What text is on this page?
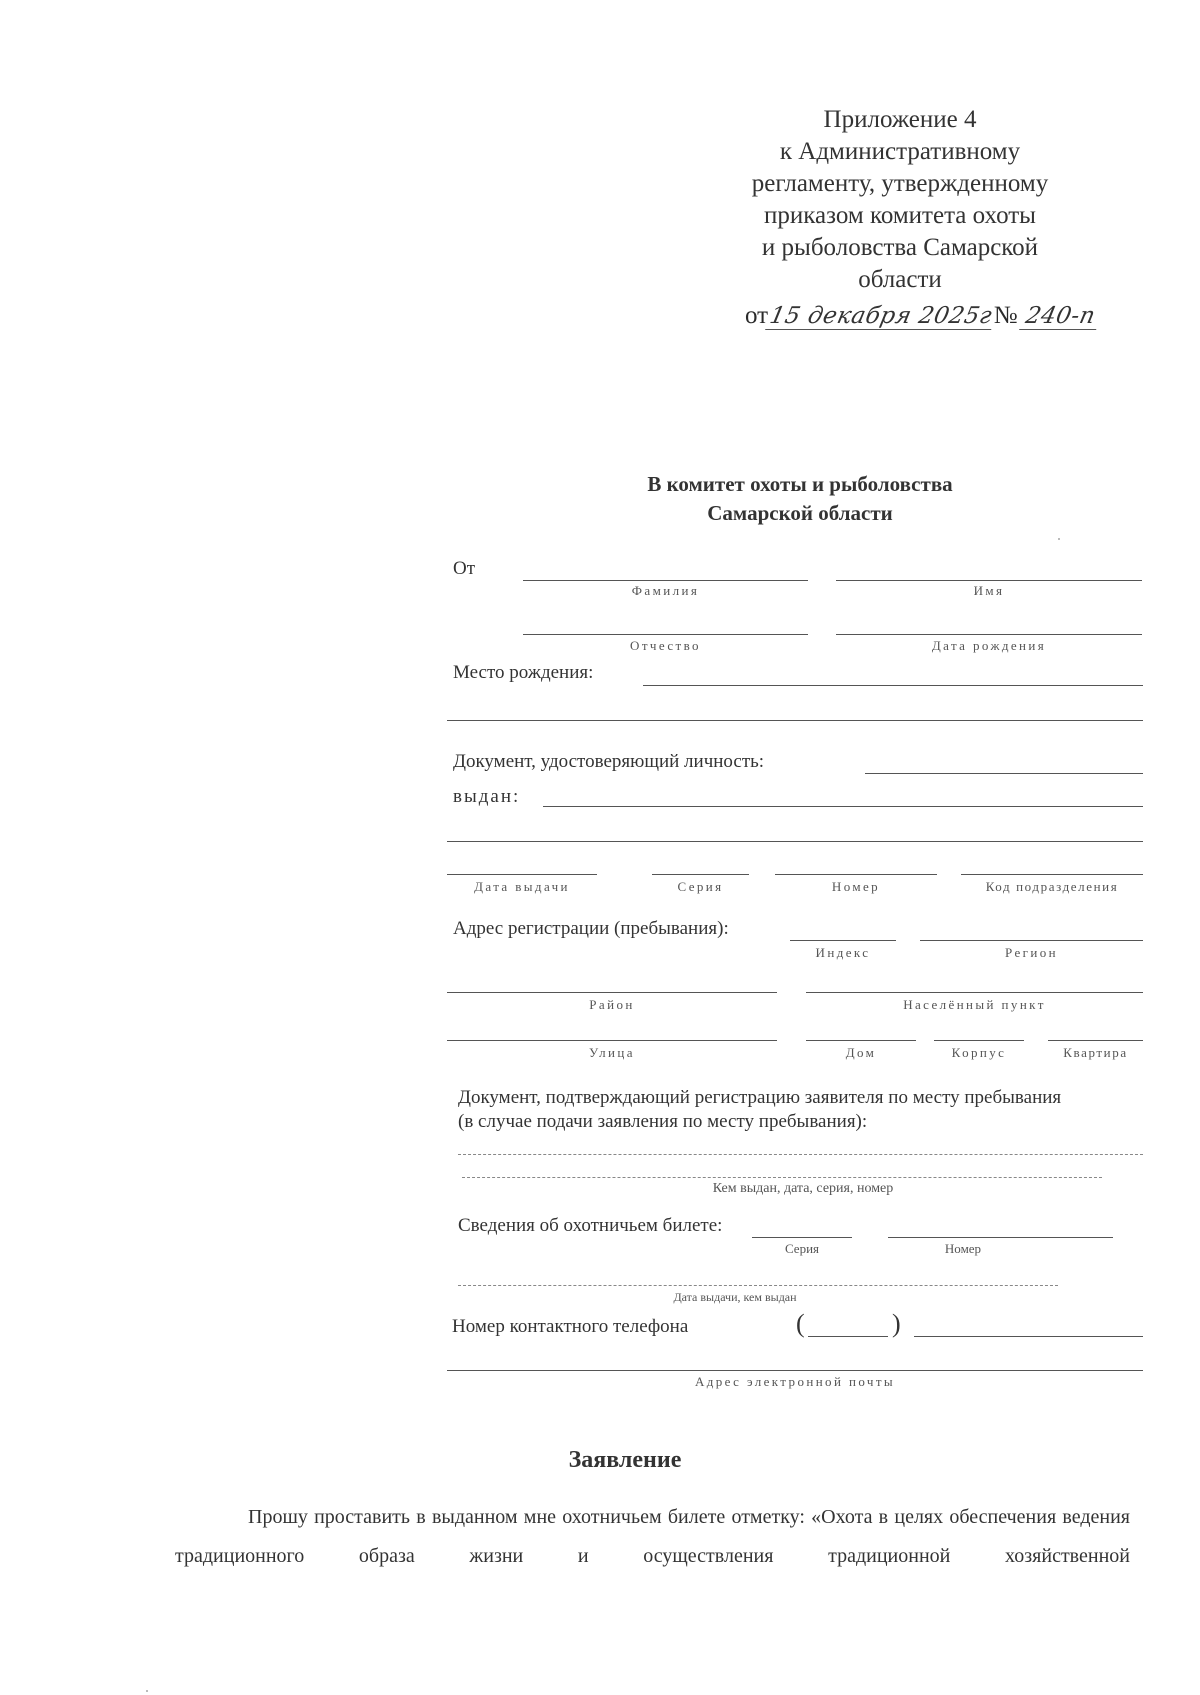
Приложение 4
к Административному
регламенту, утвержденному
приказом комитета охоты
и рыболовства Самарской
области
от15 декабря 2025г№ 240-п
В комитет охоты и рыболовства
Самарской области
От
Фамилия	Имя
Отчество	Дата рождения
Место рождения:
Документ, удостоверяющий личность:
выдан:
Дата выдачи	Серия	Номер	Код подразделения
Адрес регистрации (пребывания):
Индекс	Регион
Район	Населённый пункт
Улица	Дом	Корпус	Квартира
Документ, подтверждающий регистрацию заявителя по месту пребывания
(в случае подачи заявления по месту пребывания):
Кем выдан, дата, серия, номер
Сведения об охотничьем билете:
Серия	Номер
Дата выдачи, кем выдан
Номер контактного телефона	(	)
Адрес электронной почты
Заявление
Прошу проставить в выданном мне охотничьем билете отметку: «Охота в целях обеспечения ведения традиционного образа жизни и осуществления традиционной хозяйственной
